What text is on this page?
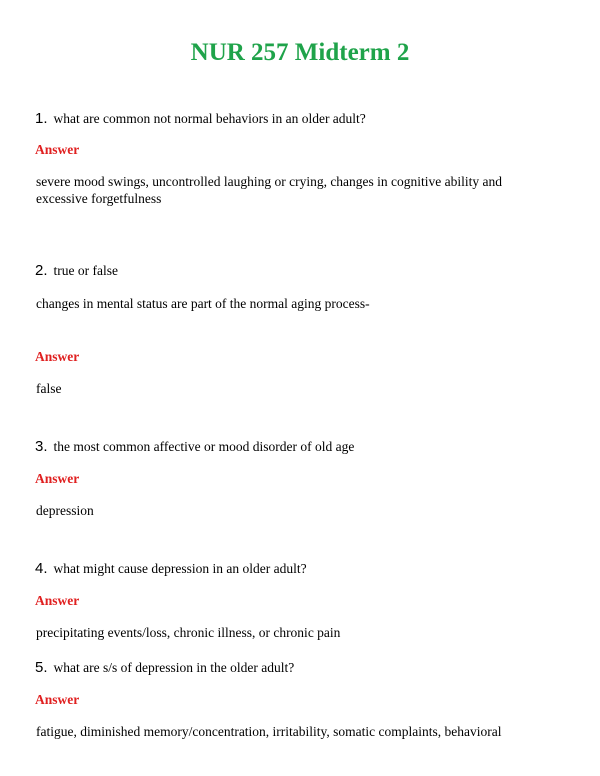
NUR 257 Midterm 2
1. what are common not normal behaviors in an older adult?
Answer
severe mood swings, uncontrolled laughing or crying, changes in cognitive ability and excessive forgetfulness
2. true or false
changes in mental status are part of the normal aging process-
Answer
false
3. the most common affective or mood disorder of old age
Answer
depression
4. what might cause depression in an older adult?
Answer
precipitating events/loss, chronic illness, or chronic pain
5. what are s/s of depression in the older adult?
Answer
fatigue, diminished memory/concentration, irritability, somatic complaints, behavioral
